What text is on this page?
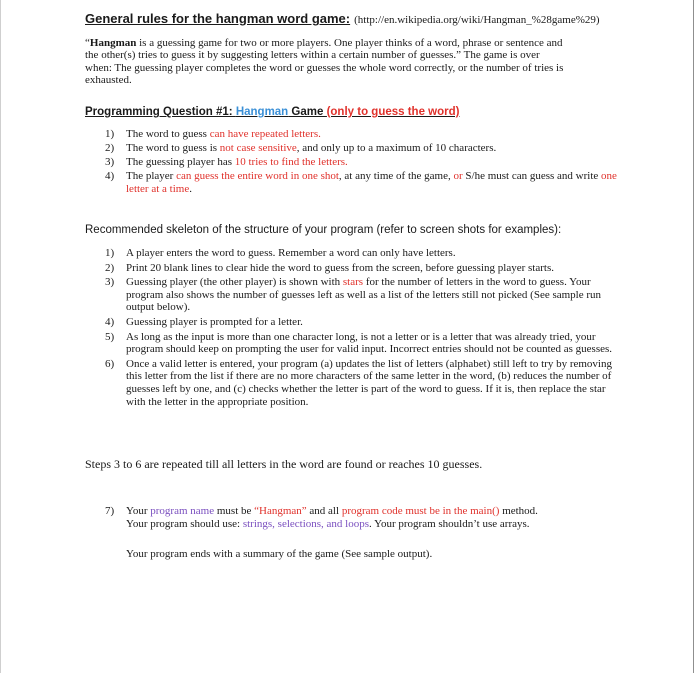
General rules for the hangman word game: (http://en.wikipedia.org/wiki/Hangman_%28game%29)
“Hangman is a guessing game for two or more players. One player thinks of a word, phrase or sentence and the other(s) tries to guess it by suggesting letters within a certain number of guesses.” The game is over when: The guessing player completes the word or guesses the whole word correctly, or the number of tries is exhausted.
Programming Question #1: Hangman Game (only to guess the word)
1) The word to guess can have repeated letters.
2) The word to guess is not case sensitive, and only up to a maximum of 10 characters.
3) The guessing player has 10 tries to find the letters.
4) The player can guess the entire word in one shot, at any time of the game, or S/he must can guess and write one letter at a time.
Recommended skeleton of the structure of your program (refer to screen shots for examples):
1) A player enters the word to guess. Remember a word can only have letters.
2) Print 20 blank lines to clear hide the word to guess from the screen, before guessing player starts.
3) Guessing player (the other player) is shown with stars for the number of letters in the word to guess. Your program also shows the number of guesses left as well as a list of the letters still not picked (See sample run output below).
4) Guessing player is prompted for a letter.
5) As long as the input is more than one character long, is not a letter or is a letter that was already tried, your program should keep on prompting the user for valid input. Incorrect entries should not be counted as guesses.
6) Once a valid letter is entered, your program (a) updates the list of letters (alphabet) still left to try by removing this letter from the list if there are no more characters of the same letter in the word, (b) reduces the number of guesses left by one, and (c) checks whether the letter is part of the word to guess. If it is, then replace the star with the letter in the appropriate position.
Steps 3 to 6 are repeated till all letters in the word are found or reaches 10 guesses.
7) Your program name must be “Hangman” and all program code must be in the main() method.
Your program should use: strings, selections, and loops. Your program shouldn’t use arrays.
Your program ends with a summary of the game (See sample output).
